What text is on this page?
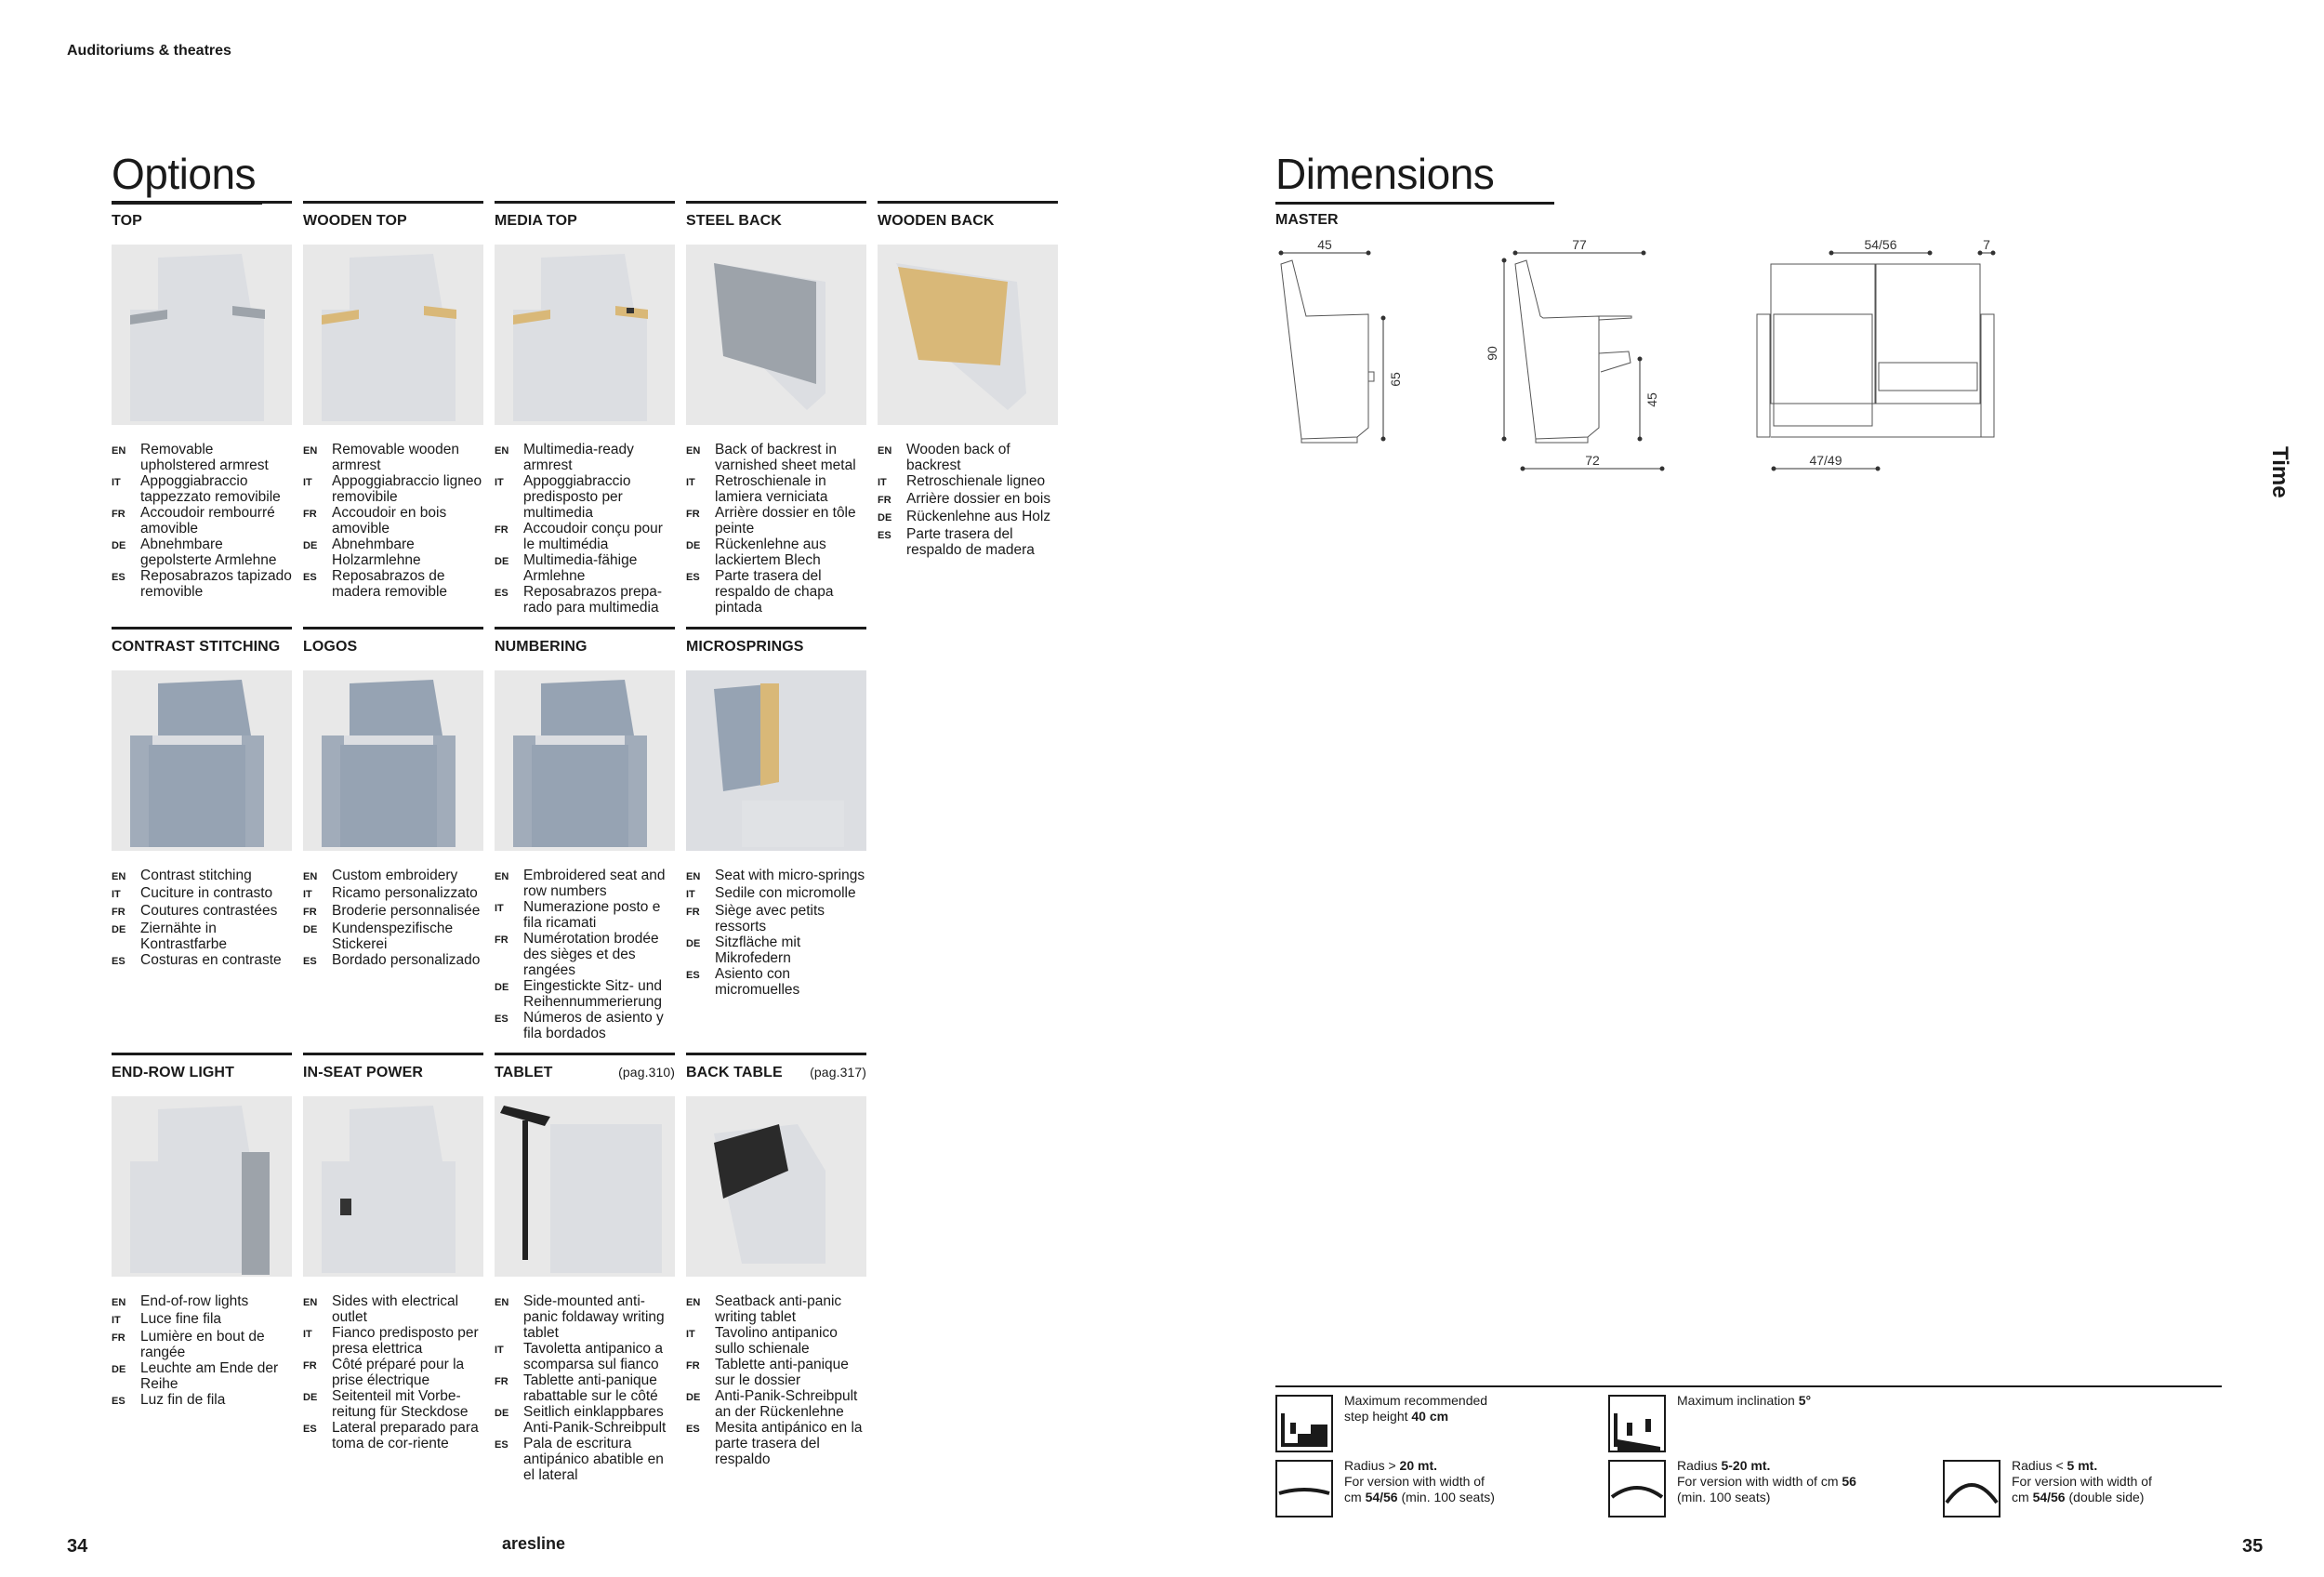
Auditoriums & theatres
Options
TOP
EN	Removable upholstered armrest
IT	Appoggiabraccio tappezzato removibile
FR	Accoudoir rembourré amovible
DE	Abnehmbare gepolsterte Armlehne
ES	Reposabrazos tapizado removible
WOODEN TOP
EN	Removable wooden armrest
IT	Appoggiabraccio ligneo removibile
FR	Accoudoir en bois amovible
DE	Abnehmbare Holzarmlehne
ES	Reposabrazos de madera removible
MEDIA TOP
EN	Multimedia-ready armrest
IT	Appoggiabraccio predisposto per multimedia
FR	Accoudoir conçu pour le multimédia
DE	Multimedia-fähige Armlehne
ES	Reposabrazos prepa-rado para multimedia
STEEL BACK
EN	Back of backrest in varnished sheet metal
IT	Retroschienale in lamiera verniciata
FR	Arrière dossier en tôle peinte
DE	Rückenlehne aus lackiertem Blech
ES	Parte trasera del respaldo de chapa pintada
WOODEN BACK
EN	Wooden back of backrest
IT	Retroschienale ligneo
FR	Arrière dossier en bois
DE	Rückenlehne aus Holz
ES	Parte trasera del respaldo de madera
CONTRAST STITCHING
EN	Contrast stitching
IT	Cuciture in contrasto
FR	Coutures contrastées
DE	Ziernähte in Kontrastfarbe
ES	Costuras en contraste
LOGOS
EN	Custom embroidery
IT	Ricamo personalizzato
FR	Broderie personnalisée
DE	Kundenspezifische Stickerei
ES	Bordado personalizado
NUMBERING
EN	Embroidered seat and row numbers
IT	Numerazione posto e fila ricamati
FR	Numérotation brodée des sièges et des rangées
DE	Eingestickte Sitz- und Reihennummerierung
ES	Números de asiento y fila bordados
MICROSPRINGS
EN	Seat with micro-springs
IT	Sedile con micromolle
FR	Siège avec petits ressorts
DE	Sitzfläche mit Mikrofedern
ES	Asiento con micromuelles
END-ROW LIGHT
EN	End-of-row lights
IT	Luce fine fila
FR	Lumière en bout de rangée
DE	Leuchte am Ende der Reihe
ES	Luz fin de fila
IN-SEAT POWER
EN	Sides with electrical outlet
IT	Fianco predisposto per presa elettrica
FR	Côté préparé pour la prise électrique
DE	Seitenteil mit Vorbe-reitung für Steckdose
ES	Lateral preparado para toma de cor-riente
TABLET	(pag.310)
EN	Side-mounted anti-panic foldaway writing tablet
IT	Tavoletta antipanico a scomparsa sul fianco
FR	Tablette anti-panique rabattable sur le côté
DE	Seitlich einklappbares Anti-Panik-Schreibpult
ES	Pala de escritura antipánico abatible en el lateral
BACK TABLE (pag.317)
EN	Seatback anti-panic writing tablet
IT	Tavolino antipanico sullo schienale
FR	Tablette anti-panique sur le dossier
DE	Anti-Panik-Schreibpult an der Rückenlehne
ES	Mesita antipánico en la parte trasera del respaldo
Dimensions
MASTER
45
65
77
90
45
72
54/56	7
47/49	Time
Maximum recommended
step height 40 cm
Maximum inclination 5°
Radius > 20 mt.
For version with width of
cm 54/56 (min. 100 seats)
Radius 5-20 mt.
For version with width of cm 56
(min. 100 seats)
Radius < 5 mt.
For version with width of
cm 54/56 (double side)
34	aresline	35
